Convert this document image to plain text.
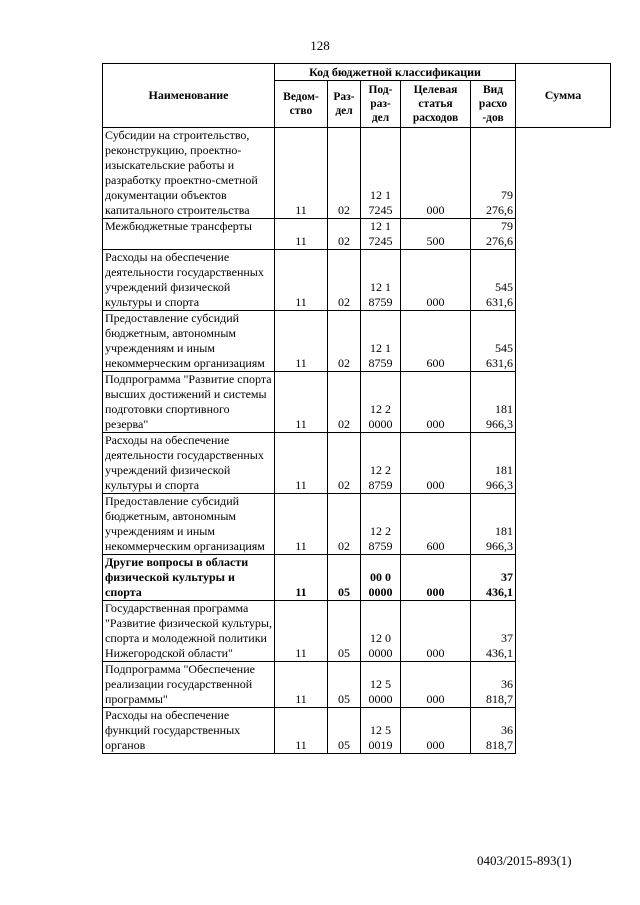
128
Наименование	Код бюджетной классификации					Сумма
	Ведом-ство	Раз-дел	Под-раз-дел	Целевая статья расходов	Вид расхо -дов	
Субсидии на строительство, реконструкцию, проектно-изыскательские работы и разработку проектно-сметной документации объектов капитального строительства	11	02	12 1 7245	000	79 276,6	
Межбюджетные трансферты	11	02	12 1 7245	500	79 276,6	
Расходы на обеспечение деятельности государственных учреждений физической культуры и спорта	11	02	12 1 8759	000	545 631,6	
Предоставление субсидий бюджетным, автономным учреждениям и иным некоммерческим организациям	11	02	12 1 8759	600	545 631,6	
Подпрограмма "Развитие спорта высших достижений и системы подготовки спортивного резерва"	11	02	12 2 0000	000	181 966,3	
Расходы на обеспечение деятельности государственных учреждений физической культуры и спорта	11	02	12 2 8759	000	181 966,3	
Предоставление субсидий бюджетным, автономным учреждениям и иным некоммерческим организациям	11	02	12 2 8759	600	181 966,3	
Другие вопросы в области физической культуры и спорта	11	05	00 0 0000	000	37 436,1	
Государственная программа "Развитие физической культуры, спорта и молодежной политики Нижегородской области"	11	05	12 0 0000	000	37 436,1	
Подпрограмма "Обеспечение реализации государственной программы"	11	05	12 5 0000	000	36 818,7	
Расходы на обеспечение функций государственных органов	11	05	12 5 0019	000	36 818,7	
0403/2015-893(1)
